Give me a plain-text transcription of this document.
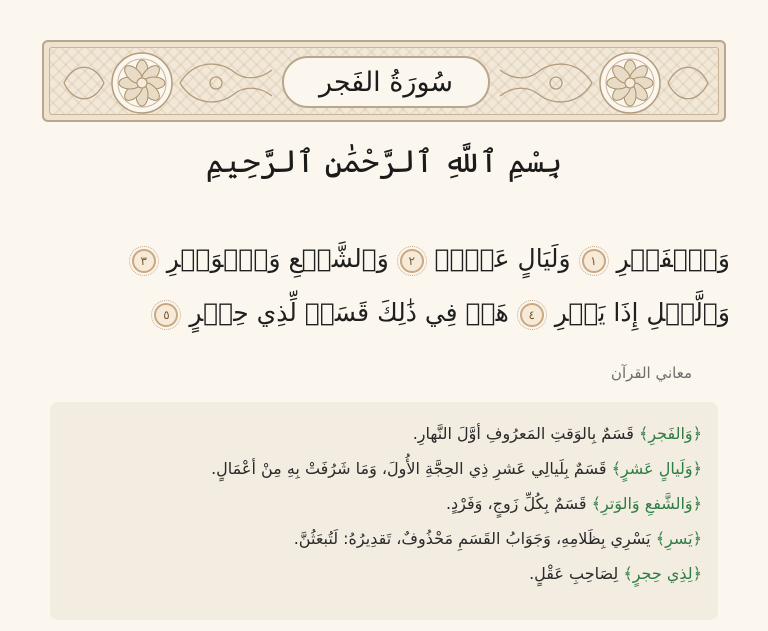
سُورَةُ الفَجر
بِسْمِ ٱللَّهِ ٱلرَّحْمَٰنِ ٱلرَّحِيمِ
وَٱلۡفَجۡرِ ١ وَلَيَالٍ عَشۡرٖ ٢ وَٱلشَّفۡعِ وَٱلۡوَتۡرِ ٣ وَٱلَّيۡلِ إِذَا يَسۡرِ ٤ هَلۡ فِي ذَٰلِكَ قَسَمٞ لِّذِي حِجۡرٍ ٥
معاني القرآن
﴿وَالفَجرِ﴾ قَسَمٌ بِالوَقتِ المَعرُوفِ أوَّلَ النَّهارِ.
﴿وَلَيالٍ عَشرٍ﴾ قَسَمٌ بِلَيالِي عَشرِ ذِي الحِجَّةِ الأُولَ، وَمَا شَرُفَتْ بِهِ مِنْ أعْمَالٍ.
﴿وَالشَّفعِ وَالوَترِ﴾ قَسَمٌ بِكُلِّ زَوجٍ، وَفَرْدٍ.
﴿يَسرِ﴾ يَسْرِي بِظَلامِهِ، وَجَوَابُ القَسَمِ مَحْذُوفٌ، تَقدِيرُهُ: لَتُبعَثُنَّ.
﴿لِذِي حِجرٍ﴾ لِصَاحِبِ عَقْلٍ.
